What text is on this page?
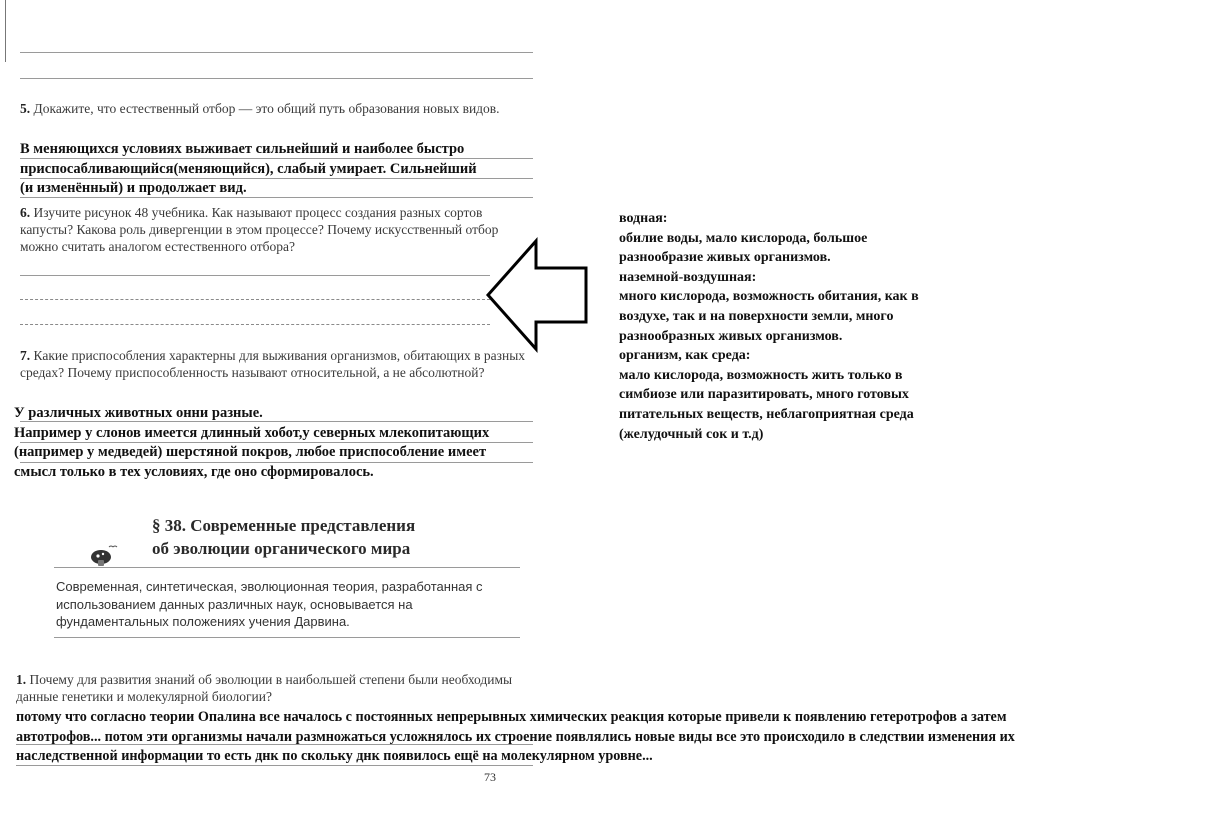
5. Докажите, что естественный отбор — это общий путь образования новых видов.
В меняющихся условиях выживает сильнейший и наиболее быстро
приспосабливающийся(меняющийся), слабый умирает. Сильнейший
(и изменённый) и продолжает вид.
6. Изучите рисунок 48 учебника. Как называют процесс создания разных сортов капусты? Какова роль дивергенции в этом процессе? Почему искусственный отбор можно считать аналогом естественного отбора?
водная:
обилие воды, мало кислорода, большое
разнообразие живых организмов.
наземной-воздушная:
много кислорода, возможность обитания, как в
воздухе, так и на поверхности земли, много
разнообразных живых организмов.
организм, как среда:
мало кислорода, возможность жить только в
симбиозе или паразитировать, много готовых
питательных веществ, неблагоприятная среда
(желудочный сок и т.д)
7. Какие приспособления характерны для выживания организмов, обитающих в разных средах? Почему приспособленность называют относительной, а не абсолютной?
У различных животных онни разные.
Например у слонов имеется длинный хобот,у северных млекопитающих
(например у медведей) шерстяной покров, любое приспособление имеет
смысл только в тех условиях, где оно сформировалось.
§ 38. Современные представления
об эволюции органического мира
Современная, синтетическая, эволюционная теория, разработанная с использованием данных различных наук, основывается на фундаментальных положениях учения Дарвина.
1. Почему для развития знаний об эволюции в наибольшей степени были необходимы данные генетики и молекулярной биологии?
потому что согласно теории Опалина все началось с постоянных непрерывных химических реакция которые привели к появлению гетеротрофов а затем
автотрофов... потом эти организмы начали размножаться усложнялось их строение появлялись новые виды все это происходило в следствии изменения их
наследственной информации то есть днк по скольку днк появилось ещё на молекулярном уровне...
73
